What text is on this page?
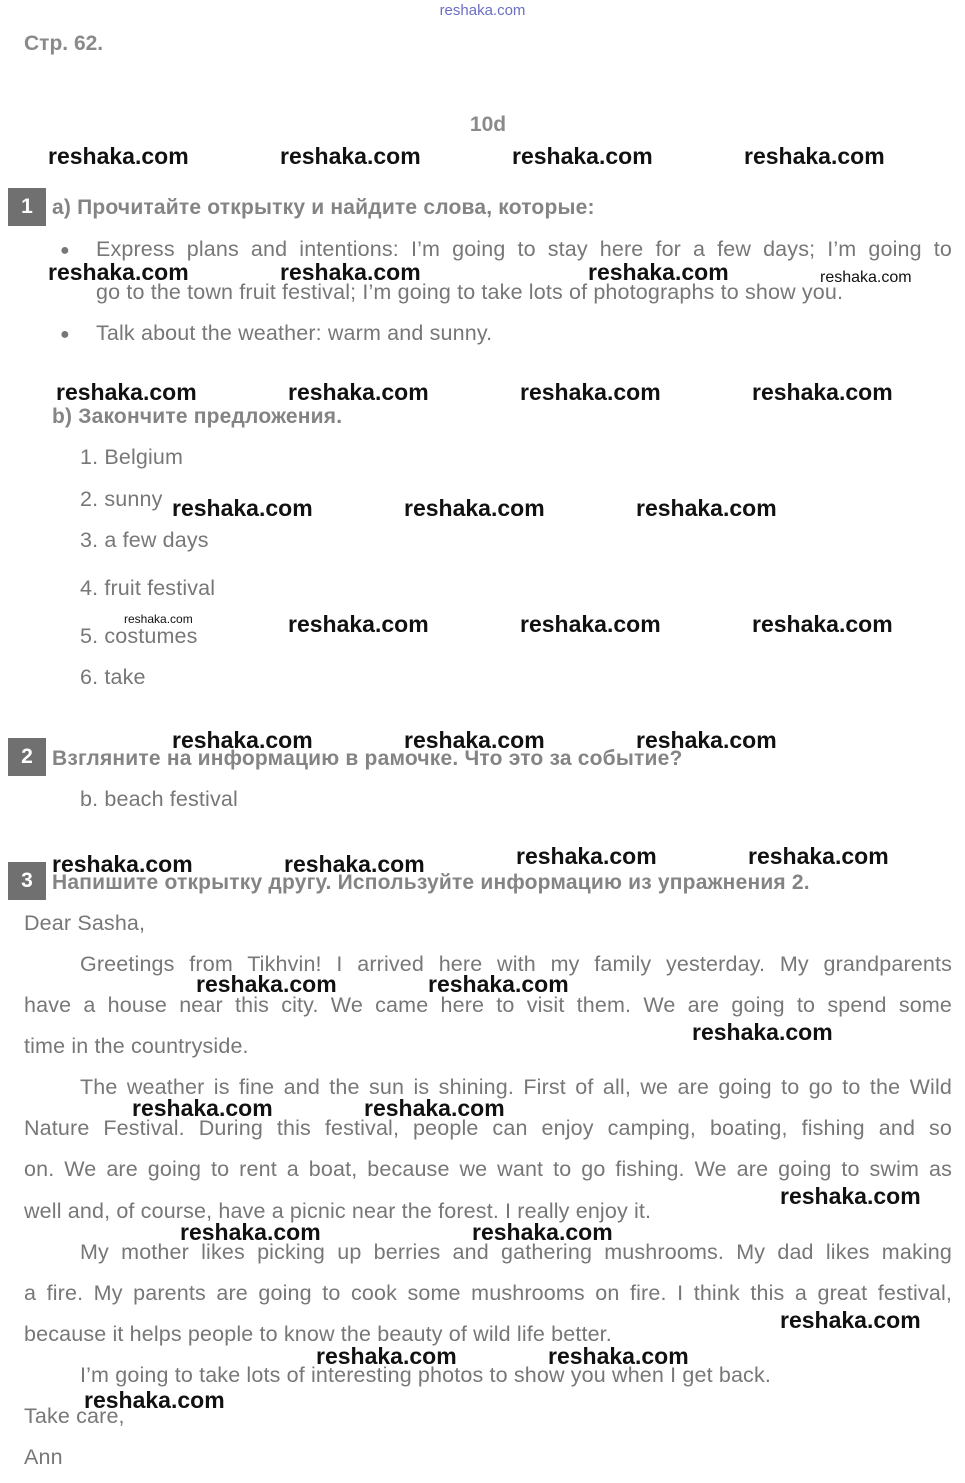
reshaka.com
Стр. 62.
10d
1 а) Прочитайте открытку и найдите слова, которые:
● Express plans and intentions: I’m going to stay here for a few days; I’m going to
go to the town fruit festival; I’m going to take lots of photographs to show you.
● Talk about the weather: warm and sunny.
b) Закончите предложения.
1. Belgium
2. sunny
3. a few days
4. fruit festival
5. costumes
6. take
2 Взгляните на информацию в рамочке. Что это за событие?
b. beach festival
3 Напишите открытку другу. Используйте информацию из упражнения 2.
Dear Sasha,
Greetings from Tikhvin! I arrived here with my family yesterday. My grandparents
have a house near this city. We came here to visit them. We are going to spend some
time in the countryside.
The weather is fine and the sun is shining. First of all, we are going to go to the Wild
Nature Festival. During this festival, people can enjoy camping, boating, fishing and so
on. We are going to rent a boat, because we want to go fishing. We are going to swim as
well and, of course, have a picnic near the forest. I really enjoy it.
My mother likes picking up berries and gathering mushrooms. My dad likes making
a fire. My parents are going to cook some mushrooms on fire. I think this a great festival,
because it helps people to know the beauty of wild life better.
I’m going to take lots of interesting photos to show you when I get back.
Take care,
Ann
reshaka.com	reshaka.com	reshaka.com	reshaka.com
reshaka.com	reshaka.com	reshaka.com	reshaka.com
reshaka.com	reshaka.com	reshaka.com	reshaka.com
reshaka.com	reshaka.com	reshaka.com
reshaka.com	reshaka.com	reshaka.com	reshaka.com
reshaka.com	reshaka.com	reshaka.com
reshaka.com	reshaka.com	reshaka.com	reshaka.com
reshaka.com	reshaka.com
reshaka.com
reshaka.com	reshaka.com
reshaka.com
reshaka.com	reshaka.com
reshaka.com
reshaka.com	reshaka.com
reshaka.com
